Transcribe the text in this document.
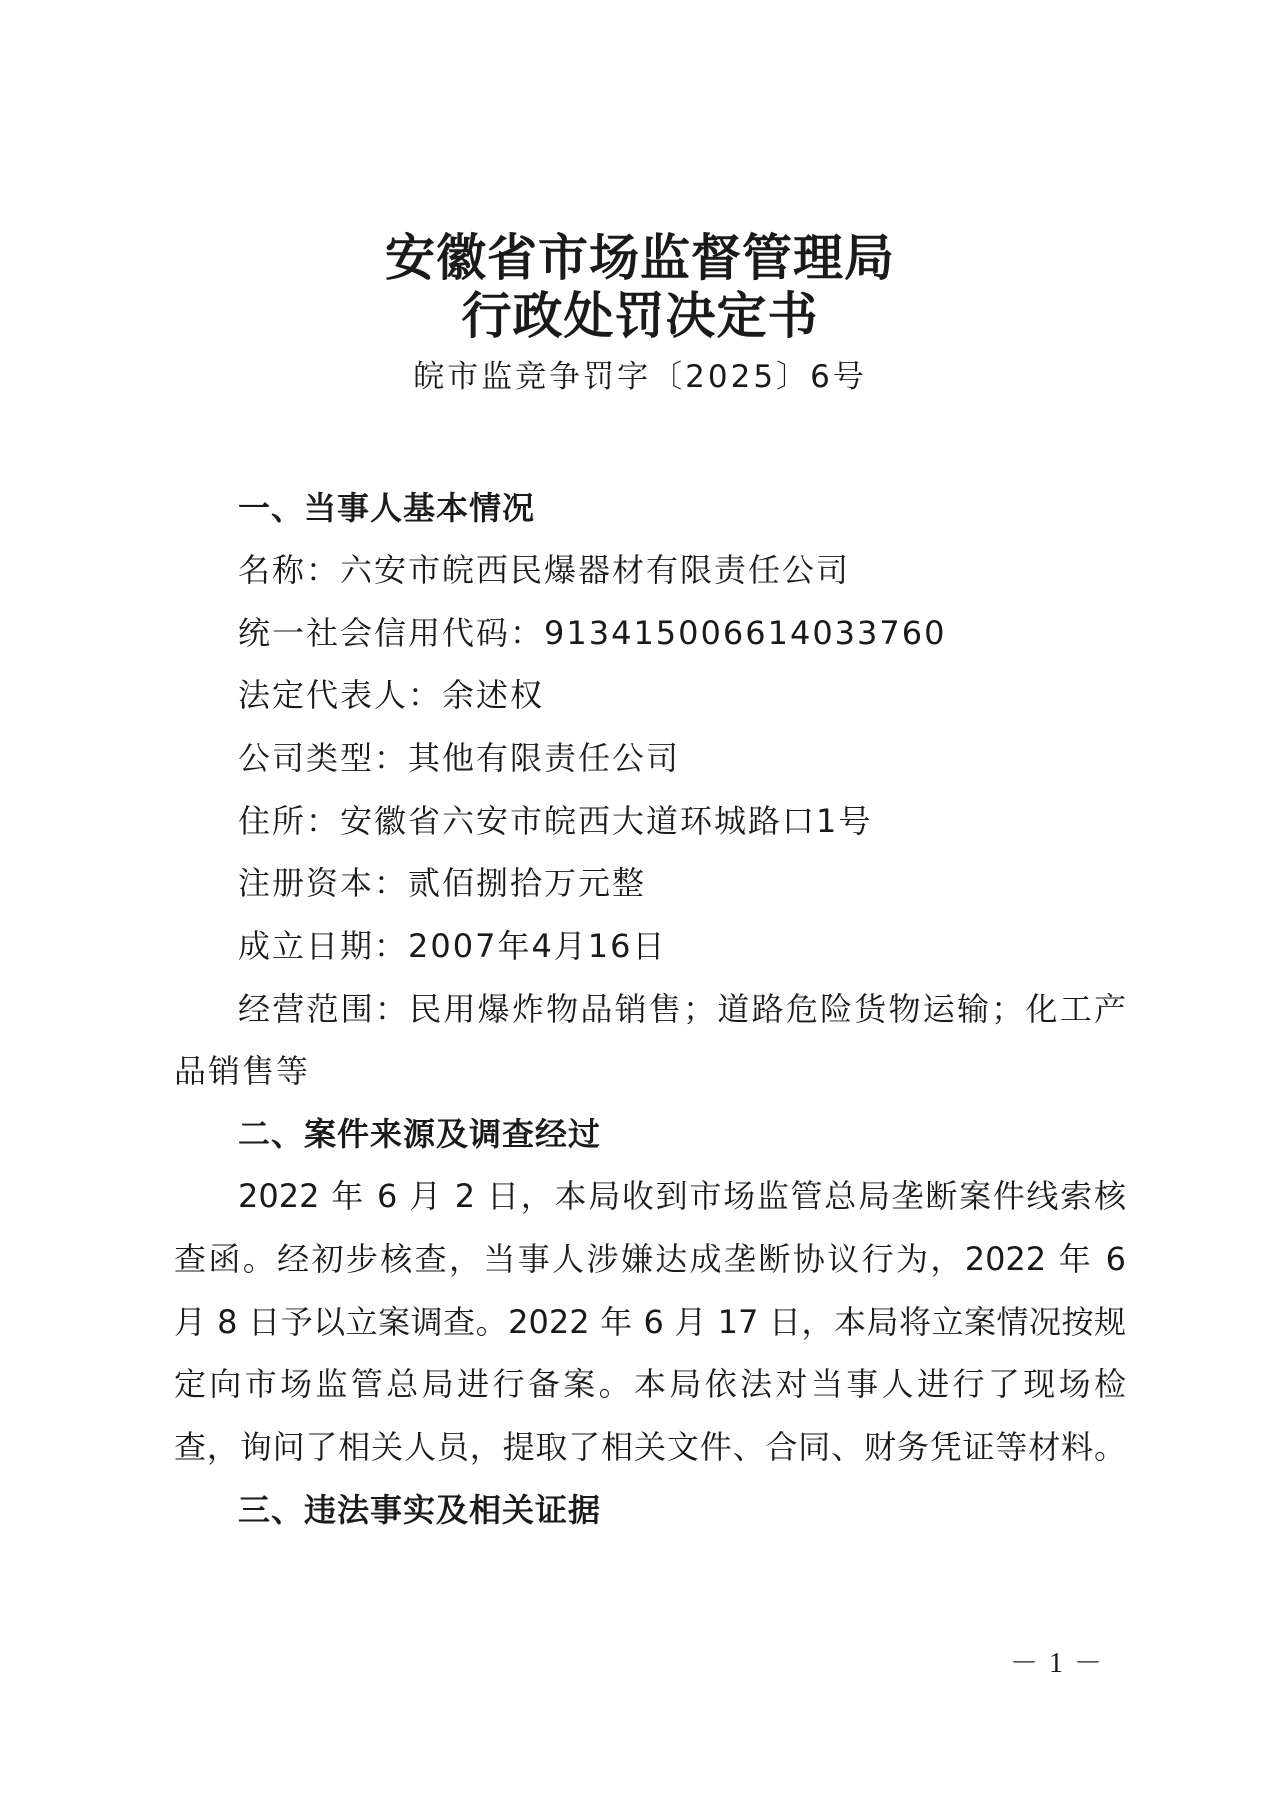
安徽省市场监督管理局
行政处罚决定书
皖市监竞争罚字〔2025〕6号
一、当事人基本情况
名称：六安市皖西民爆器材有限责任公司
统一社会信用代码：913415006614033760
法定代表人：余述权
公司类型：其他有限责任公司
住所：安徽省六安市皖西大道环城路口1号
注册资本：贰佰捌拾万元整
成立日期：2007年4月16日
经营范围：民用爆炸物品销售；道路危险货物运输；化工产
品销售等
二、案件来源及调查经过
2022 年 6 月 2 日，本局收到市场监管总局垄断案件线索核
查函。经初步核查，当事人涉嫌达成垄断协议行为，2022 年 6
月 8 日予以立案调查。2022 年 6 月 17 日，本局将立案情况按规
定向市场监管总局进行备案。本局依法对当事人进行了现场检
查，询问了相关人员，提取了相关文件、合同、财务凭证等材料。
三、违法事实及相关证据
－ 1 －
